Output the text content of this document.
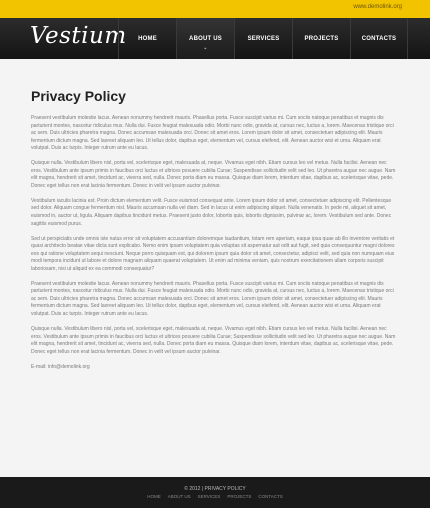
www.demolink.org
Vestium HOME	ABOUT US
⌄
SERVICES	PROJECTS	CONTACTS
Privacy Policy

Praesent vestibulum molestie lacus. Aenean nonummy hendrerit mauris. Phasellus porta. Fusce suscipit varius mi. Cum sociis natoque penatibus et magnis dis parturient montes, nascetur ridiculus mus. Nulla dui. Fusce feugiat malesuada odio. Morbi nunc odio, gravida at, cursus nec, luctus a, lorem. Maecenas tristique orci ac sem. Duis ultricies pharetra magna. Donec accumsan malesuada orci. Donec sit amet eros. Lorem ipsum dolor sit amet, consectetuer adipiscing elit. Mauris fermentum dictum magna. Sed laoreet aliquam leo. Ut tellus dolor, dapibus eget, elementum vel, cursus eleifend, elit. Aenean auctor wisi et urna. Aliquam erat volutpat. Duis ac turpis. Integer rutrum ante eu lacus.

Quisque nulla. Vestibulum libero nisl, porta vel, scelerisque eget, malesuada at, neque. Vivamus eget nibh. Etiam cursus leo vel metus. Nulla facilisi. Aenean nec eros. Vestibulum ante ipsum primis in faucibus orci luctus et ultrices posuere cubilia Curae; Suspendisse sollicitudin velit sed leo. Ut pharetra augue nec augue. Nam elit magna, hendrerit sit amet, tincidunt ac, viverra sed, nulla. Donec porta diam eu massa. Quisque diam lorem, interdum vitae, dapibus ac, scelerisque vitae, pede. Donec eget tellus non erat lacinia fermentum. Donec in velit vel ipsum auctor pulvinar.

Vestibulum iaculis lacinia est. Proin dictum elementum velit. Fusce euismod consequat ante. Lorem ipsum dolor sit amet, consectetuer adipiscing elit. Pellentesque sed dolor. Aliquam congue fermentum nisl. Mauris accumsan nulla vel diam. Sed in lacus ut enim adipiscing aliquet. Nulla venenatis. In pede mi, aliquet sit amet, euismod in, auctor ut, ligula. Aliquam dapibus tincidunt metus. Praesent justo dolor, lobortis quis, lobortis dignissim, pulvinar ac, lorem. Vestibulum sed ante. Donec sagittis euismod purus.

Sed ut perspiciatis unde omnis iste natus error sit voluptatem accusantium doloremque laudantium, totam rem aperiam, eaque ipsa quae ab illo inventore veritatis et quasi architecto beatae vitae dicta sunt explicabo. Nemo enim ipsam voluptatem quia voluptas sit aspernatur aut odit aut fugit, sed quia consequuntur magni dolores eos qui ratione voluptatem sequi nesciunt. Neque porro quisquam est, qui dolorem ipsum quia dolor sit amet, consectetur, adipisci velit, sed quia non numquam eius modi tempora incidunt ut labore et dolore magnam aliquam quaerat voluptatem. Ut enim ad minima veniam, quis nostrum exercitationem ullam corporis suscipit laboriosam, nisi ut aliquid ex ea commodi consequatur?

Praesent vestibulum molestie lacus. Aenean nonummy hendrerit mauris. Phasellus porta. Fusce suscipit varius mi. Cum sociis natoque penatibus et magnis dis parturient montes, nascetur ridiculus mus. Nulla dui. Fusce feugiat malesuada odio. Morbi nunc odio, gravida at, cursus nec, luctus a, lorem. Maecenas tristique orci ac sem. Duis ultricies pharetra magna. Donec accumsan malesuada orci. Donec sit amet eros. Lorem ipsum dolor sit amet, consectetuer adipiscing elit. Mauris fermentum dictum magna. Sed laoreet aliquam leo. Ut tellus dolor, dapibus eget, elementum vel, cursus eleifend, elit. Aenean auctor wisi et urna. Aliquam erat volutpat. Duis ac turpis. Integer rutrum ante eu lacus.

Quisque nulla. Vestibulum libero nisl, porta vel, scelerisque eget, malesuada at, neque. Vivamus eget nibh. Etiam cursus leo vel metus. Nulla facilisi. Aenean nec eros. Vestibulum ante ipsum primis in faucibus orci luctus et ultrices posuere cubilia Curae; Suspendisse sollicitudin velit sed leo. Ut pharetra augue nec augue. Nam elit magna, hendrerit sit amet, tincidunt ac, viverra sed, nulla. Donec porta diam eu massa. Quisque diam lorem, interdum vitae, dapibus ac, scelerisque vitae, pede. Donec eget tellus non erat lacinia fermentum. Donec in velit vel ipsum auctor pulvinar.

E-mail: info@demolink.org

© 2012 | PRIVACY POLICY
HOME ABOUT US SERVICES PROJECTS CONTACTS
